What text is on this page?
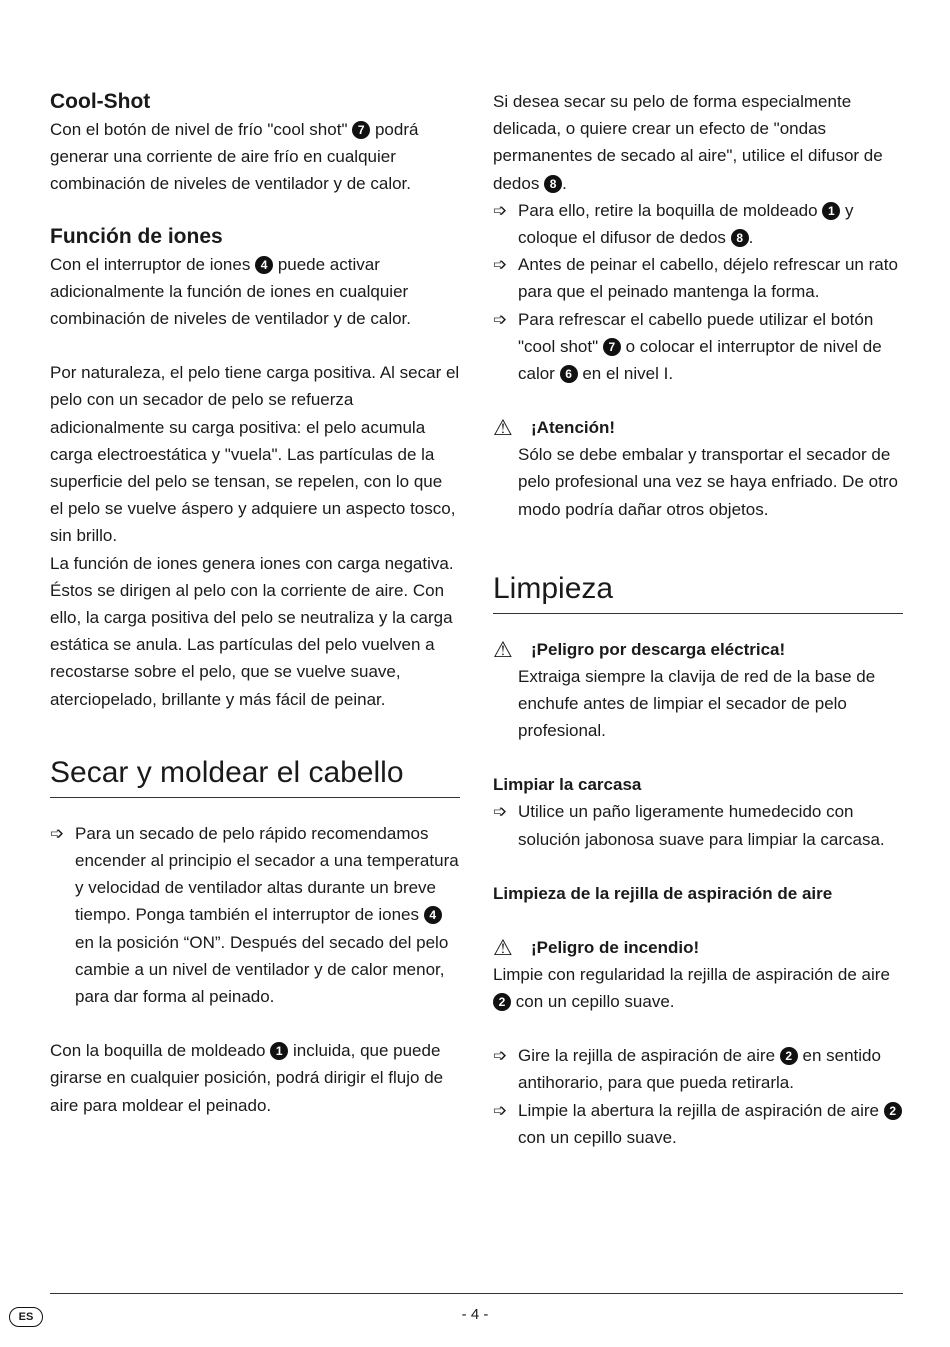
Cool-Shot

Con el botón de nivel de frío "cool shot" 7 podrá generar una corriente de aire frío en cualquier combinación de niveles de ventilador y de calor.

Función de iones

Con el interruptor de iones 4 puede activar adicionalmente la función de iones en cualquier combinación de niveles de ventilador y de calor.

Por naturaleza, el pelo tiene carga positiva. Al secar el pelo con un secador de pelo se refuerza adicionalmente su carga positiva: el pelo acumula carga electroestática y "vuela". Las partículas de la superficie del pelo se tensan, se repelen, con lo que el pelo se vuelve áspero y adquiere un aspecto tosco, sin brillo.

La función de iones genera iones con carga negativa. Éstos se dirigen al pelo con la corriente de aire. Con ello, la carga positiva del pelo se neutraliza y la carga estática se anula. Las partículas del pelo vuelven a recostarse sobre el pelo, que se vuelve suave, aterciopelado, brillante y más fácil de peinar.

Secar y moldear el cabello
➩ Para un secado de pelo rápido recomendamos encender al principio el secador a una temperatura y velocidad de ventilador altas durante un breve tiempo. Ponga también el interruptor de iones 4 en la posición “ON”. Después del secado del pelo cambie a un nivel de ventilador y de calor menor, para dar forma al peinado.

Con la boquilla de moldeado 1 incluida, que puede girarse en cualquier posición, podrá dirigir el flujo de aire para moldear el peinado.

Si desea secar su pelo de forma especialmente delicada, o quiere crear un efecto de "ondas permanentes de secado al aire", utilice el difusor de dedos 8 .

➩ Para ello, retire la boquilla de moldeado 1 y coloque el difusor de dedos 8 .

➩ Antes de peinar el cabello, déjelo refrescar un rato para que el peinado mantenga la forma.

➩ Para refrescar el cabello puede utilizar el botón "cool shot" 7 o colocar el interruptor de nivel de calor 6 en el nivel I.

⚠	¡Atención!

Sólo se debe embalar y transportar el secador de pelo profesional una vez se haya enfriado. De otro modo podría dañar otros objetos.

Limpieza
⚠	¡Peligro por descarga eléctrica!

Extraiga siempre la clavija de red de la base de enchufe antes de limpiar el secador de pelo profesional.

Limpiar la carcasa
➩ Utilice un paño ligeramente humedecido con solución jabonosa suave para limpiar la carcasa.

Limpieza de la rejilla de aspiración de aire
⚠	¡Peligro de incendio!

Limpie con regularidad la rejilla de aspiración de aire 2 con un cepillo suave.

➩ Gire la rejilla de aspiración de aire 2 en sentido antihorario, para que pueda retirarla.

➩ Limpie la abertura la rejilla de aspiración de aire 2 con un cepillo suave.

ES	- 4 -
